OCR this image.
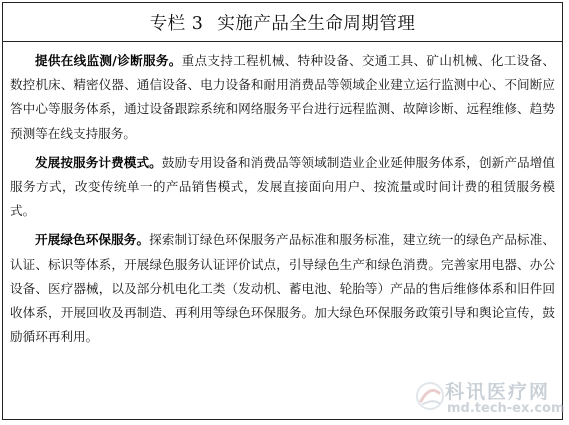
专栏 3 实施产品全生命周期管理

提供在线监测/诊断服务。重点支持工程机械、特种设备、交通工具、矿山机械、化工设备、数控机床、精密仪器、通信设备、电力设备和耐用消费品等领域企业建立运行监测中心、不间断应答中心等服务体系，通过设备跟踪系统和网络服务平台进行远程监测、故障诊断、远程维修、趋势预测等在线支持服务。

发展按服务计费模式。鼓励专用设备和消费品等领域制造业企业延伸服务体系，创新产品增值服务方式，改变传统单一的产品销售模式，发展直接面向用户、按流量或时间计费的租赁服务模式。

开展绿色环保服务。探索制订绿色环保服务产品标准和服务标准，建立统一的绿色产品标准、认证、标识等体系，开展绿色服务认证评价试点，引导绿色生产和绿色消费。完善家用电器、办公设备、医疗器械，以及部分机电化工类（发动机、蓄电池、轮胎等）产品的售后维修体系和旧件回收体系，开展回收及再制造、再利用等绿色环保服务。加大绿色环保服务政策引导和舆论宣传，鼓励循环再利用。

科讯医疗网
md.tech-ex.com
